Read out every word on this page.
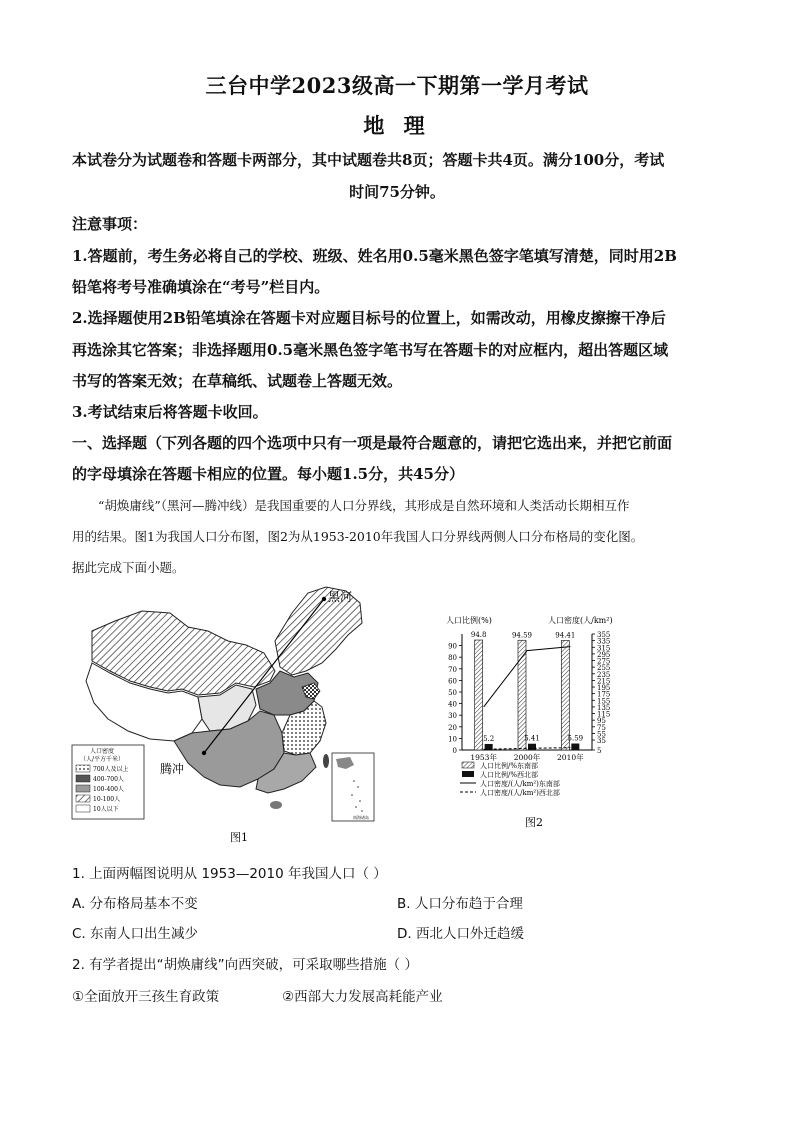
三台中学2023级高一下期第一学月考试
地 理
本试卷分为试题卷和答题卡两部分，其中试题卷共8页；答题卡共4页。满分100分，考试
时间75分钟。
注意事项：
1.答题前，考生务必将自己的学校、班级、姓名用0.5毫米黑色签字笔填写清楚，同时用2B
铅笔将考号准确填涂在“考号”栏目内。
2.选择题使用2B铅笔填涂在答题卡对应题目标号的位置上，如需改动，用橡皮擦擦干净后
再选涂其它答案；非选择题用0.5毫米黑色签字笔书写在答题卡的对应框内，超出答题区域
书写的答案无效；在草稿纸、试题卷上答题无效。
3.考试结束后将答题卡收回。
一、选择题（下列各题的四个选项中只有一项是最符合题意的，请把它选出来，并把它前面
的字母填涂在答题卡相应的位置。每小题1.5分，共45分）
“胡焕庸线”（黑河—腾冲线）是我国重要的人口分界线，其形成是自然环境和人类活动长期相互作
用的结果。图1为我国人口分布图，图2为从1953-2010年我国人口分界线两侧人口分布格局的变化图。
据此完成下面小题。
黑河
腾冲
人口密度
（人/平方千米）
700人及以上
400-700人
100-400人
10-100人
10人以下
南海诸岛
图1
人口比例(%)	人口密度(人/km²)
0
10
20
30
40
50
60
70
80
90
5
35
55
75
95
115
135
155
175
195
215
235
255
275
295
315
335
355
94.8
5.2
94.59
5.41
94.41
5.59
1953年 2000年 2010年
人口比例/%东南部
人口比例/%西北部
人口密度/(人/km²)东南部
人口密度/(人/km²)西北部
图2
1. 上面两幅图说明从 1953—2010 年我国人口（ ）
A. 分布格局基本不变	B. 人口分布趋于合理
C. 东南人口出生减少	D. 西北人口外迁趋缓
2. 有学者提出“胡焕庸线”向西突破，可采取哪些措施（ ）
①全面放开三孩生育政策	②西部大力发展高耗能产业
